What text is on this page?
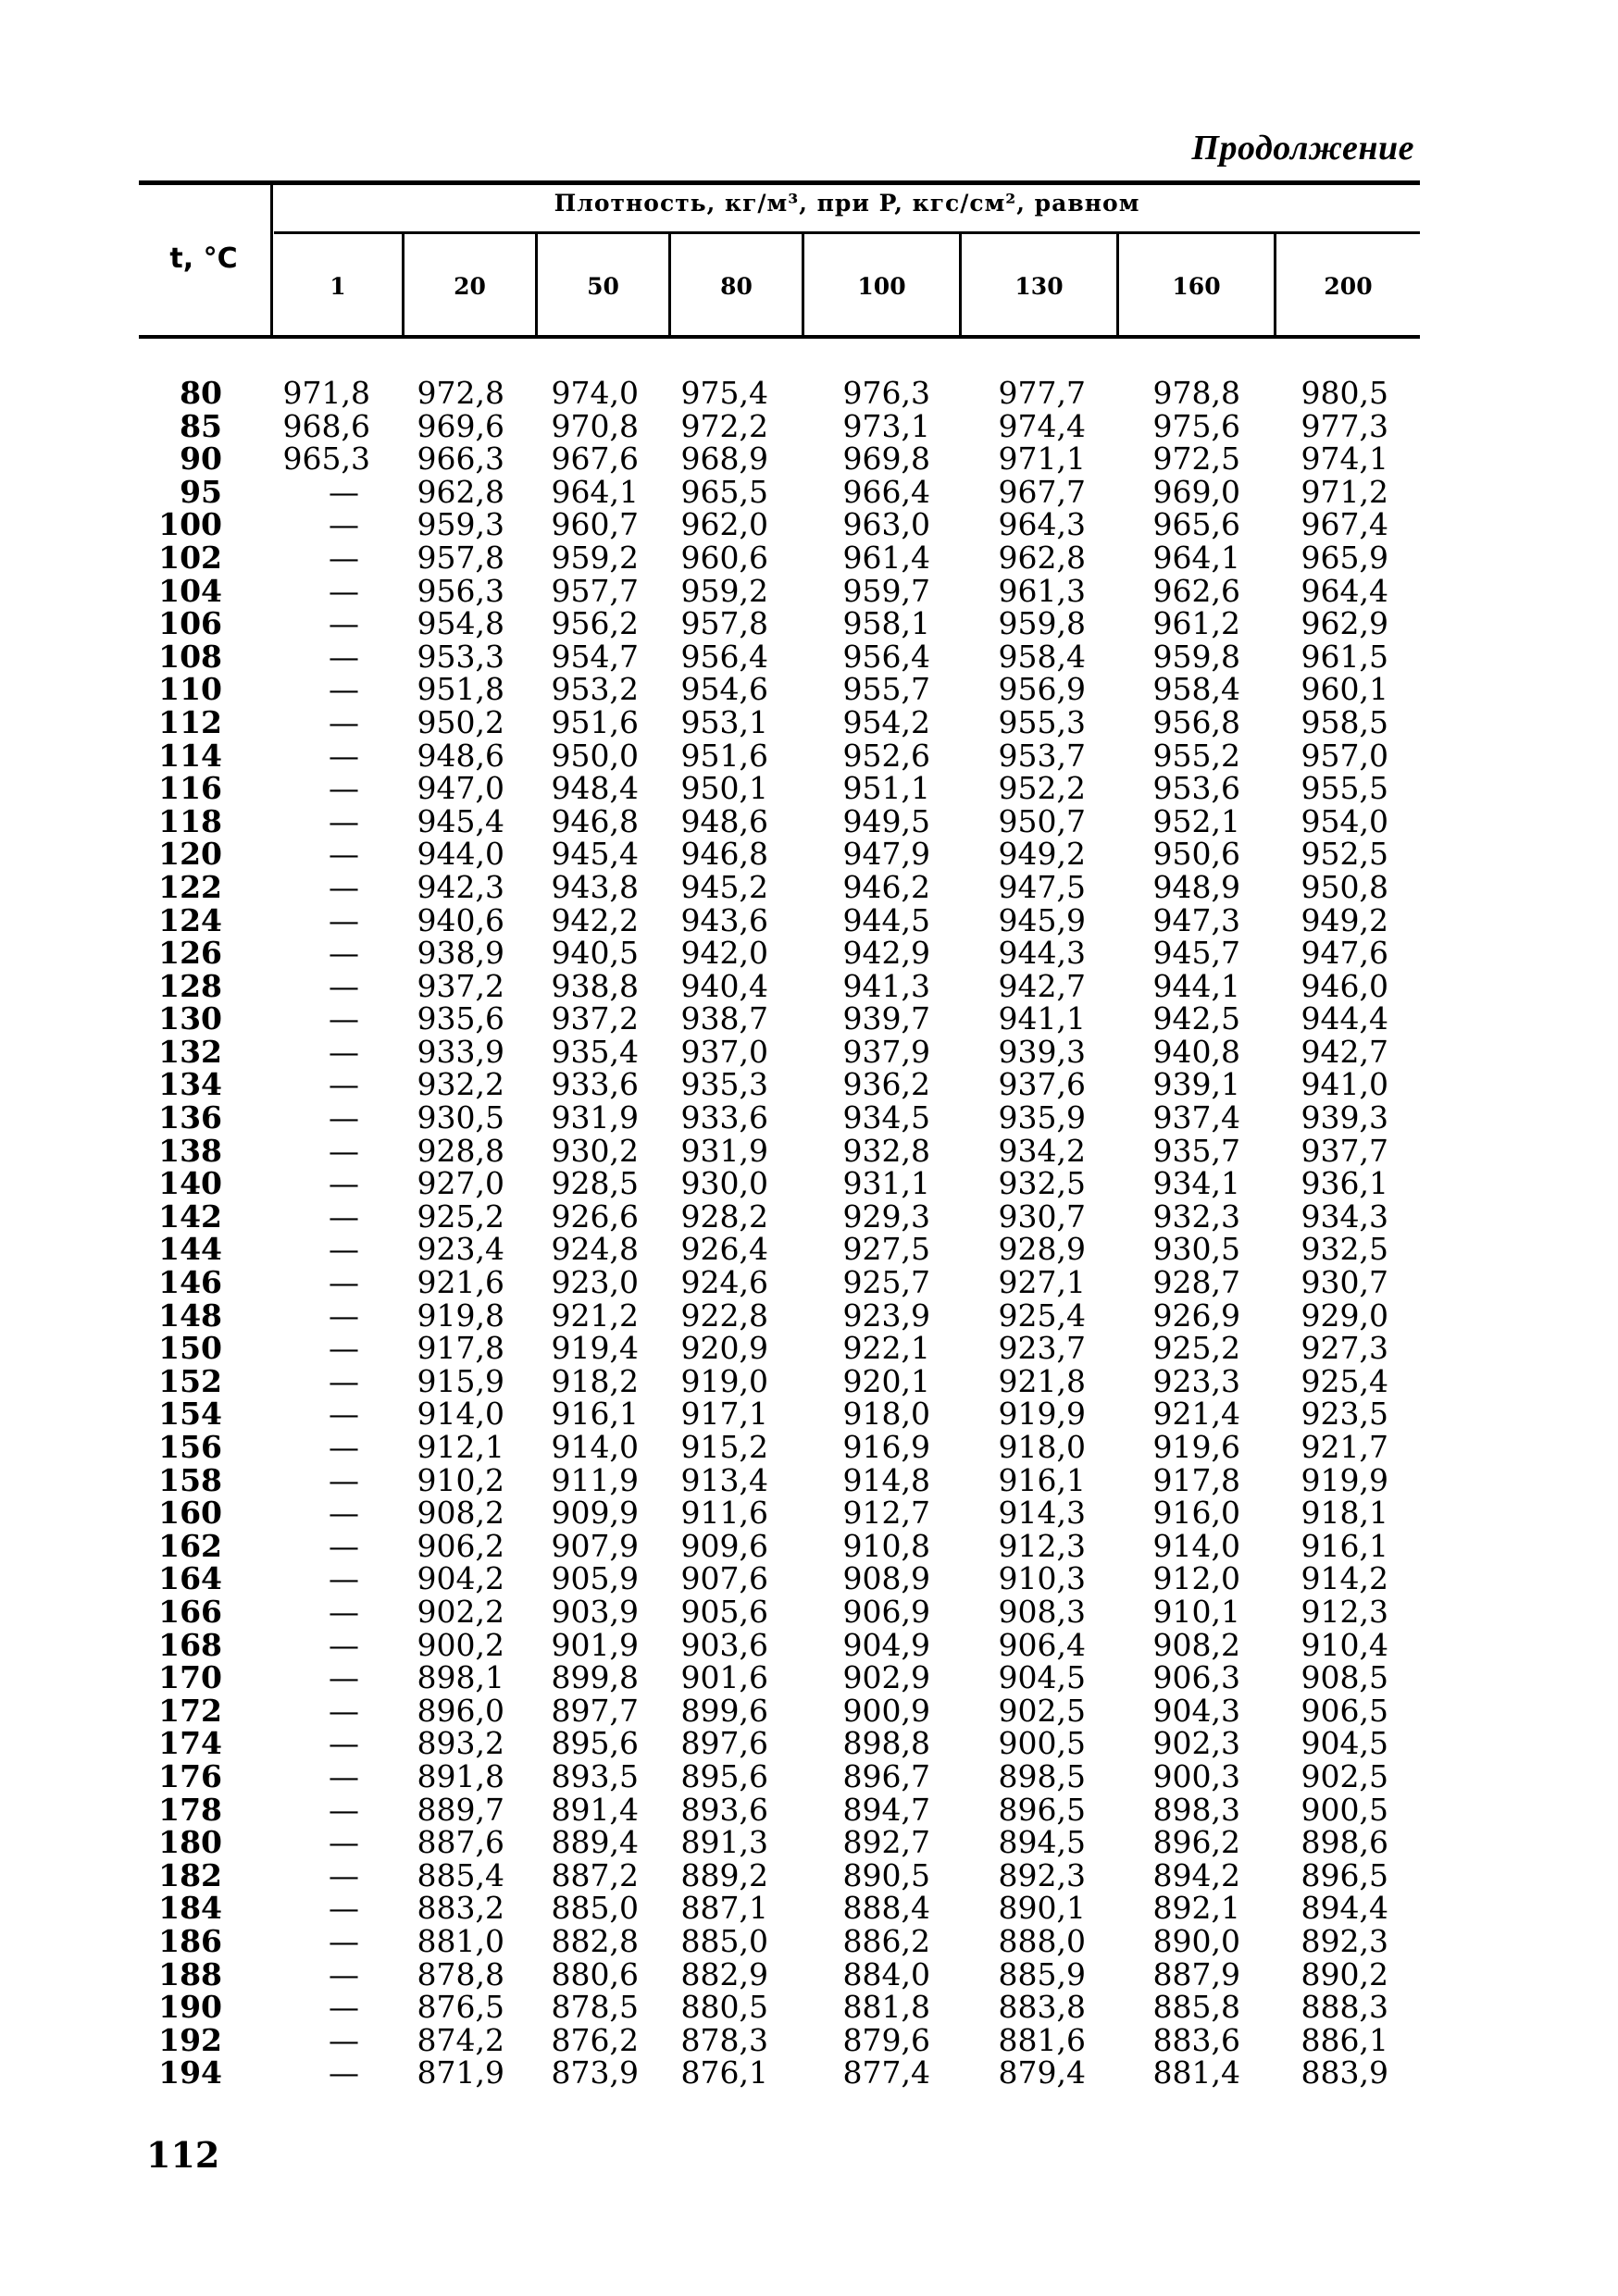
Продолжение
t, °C
Плотность, кг/м³, при P, кгс/см², равном
1	20	50	80	100	130	160	200
80 971,8 972,8 974,0 975,4 976,3 977,7 978,8 980,5
85 968,6 969,6 970,8 972,2 973,1 974,4 975,6 977,3
90 965,3 966,3 967,6 968,9 969,8 971,1 972,5 974,1
95	— 962,8 964,1 965,5 966,4 967,7 969,0 971,2
100	— 959,3 960,7 962,0 963,0 964,3 965,6 967,4
102	— 957,8 959,2 960,6 961,4 962,8 964,1 965,9
104	— 956,3 957,7 959,2 959,7 961,3 962,6 964,4
106	— 954,8 956,2 957,8 958,1 959,8 961,2 962,9
108	— 953,3 954,7 956,4 956,4 958,4 959,8 961,5
110	— 951,8 953,2 954,6 955,7 956,9 958,4 960,1
112	— 950,2 951,6 953,1 954,2 955,3 956,8 958,5
114	— 948,6 950,0 951,6 952,6 953,7 955,2 957,0
116	— 947,0 948,4 950,1 951,1 952,2 953,6 955,5
118	— 945,4 946,8 948,6 949,5 950,7 952,1 954,0
120	— 944,0 945,4 946,8 947,9 949,2 950,6 952,5
122	— 942,3 943,8 945,2 946,2 947,5 948,9 950,8
124	— 940,6 942,2 943,6 944,5 945,9 947,3 949,2
126	— 938,9 940,5 942,0 942,9 944,3 945,7 947,6
128	— 937,2 938,8 940,4 941,3 942,7 944,1 946,0
130	— 935,6 937,2 938,7 939,7 941,1 942,5 944,4
132	— 933,9 935,4 937,0 937,9 939,3 940,8 942,7
134	— 932,2 933,6 935,3 936,2 937,6 939,1 941,0
136	— 930,5 931,9 933,6 934,5 935,9 937,4 939,3
138	— 928,8 930,2 931,9 932,8 934,2 935,7 937,7
140	— 927,0 928,5 930,0 931,1 932,5 934,1 936,1
142	— 925,2 926,6 928,2 929,3 930,7 932,3 934,3
144	— 923,4 924,8 926,4 927,5 928,9 930,5 932,5
146	— 921,6 923,0 924,6 925,7 927,1 928,7 930,7
148	— 919,8 921,2 922,8 923,9 925,4 926,9 929,0
150	— 917,8 919,4 920,9 922,1 923,7 925,2 927,3
152	— 915,9 918,2 919,0 920,1 921,8 923,3 925,4
154	— 914,0 916,1 917,1 918,0 919,9 921,4 923,5
156	— 912,1 914,0 915,2 916,9 918,0 919,6 921,7
158	— 910,2 911,9 913,4 914,8 916,1 917,8 919,9
160	— 908,2 909,9 911,6 912,7 914,3 916,0 918,1
162	— 906,2 907,9 909,6 910,8 912,3 914,0 916,1
164	— 904,2 905,9 907,6 908,9 910,3 912,0 914,2
166	— 902,2 903,9 905,6 906,9 908,3 910,1 912,3
168	— 900,2 901,9 903,6 904,9 906,4 908,2 910,4
170	— 898,1 899,8 901,6 902,9 904,5 906,3 908,5
172	— 896,0 897,7 899,6 900,9 902,5 904,3 906,5
174	— 893,2 895,6 897,6 898,8 900,5 902,3 904,5
176	— 891,8 893,5 895,6 896,7 898,5 900,3 902,5
178	— 889,7 891,4 893,6 894,7 896,5 898,3 900,5
180	— 887,6 889,4 891,3 892,7 894,5 896,2 898,6
182	— 885,4 887,2 889,2 890,5 892,3 894,2 896,5
184	— 883,2 885,0 887,1 888,4 890,1 892,1 894,4
186	— 881,0 882,8 885,0 886,2 888,0 890,0 892,3
188	— 878,8 880,6 882,9 884,0 885,9 887,9 890,2
190	— 876,5 878,5 880,5 881,8 883,8 885,8 888,3
192	— 874,2 876,2 878,3 879,6 881,6 883,6 886,1
194	— 871,9 873,9 876,1 877,4 879,4 881,4 883,9
112
